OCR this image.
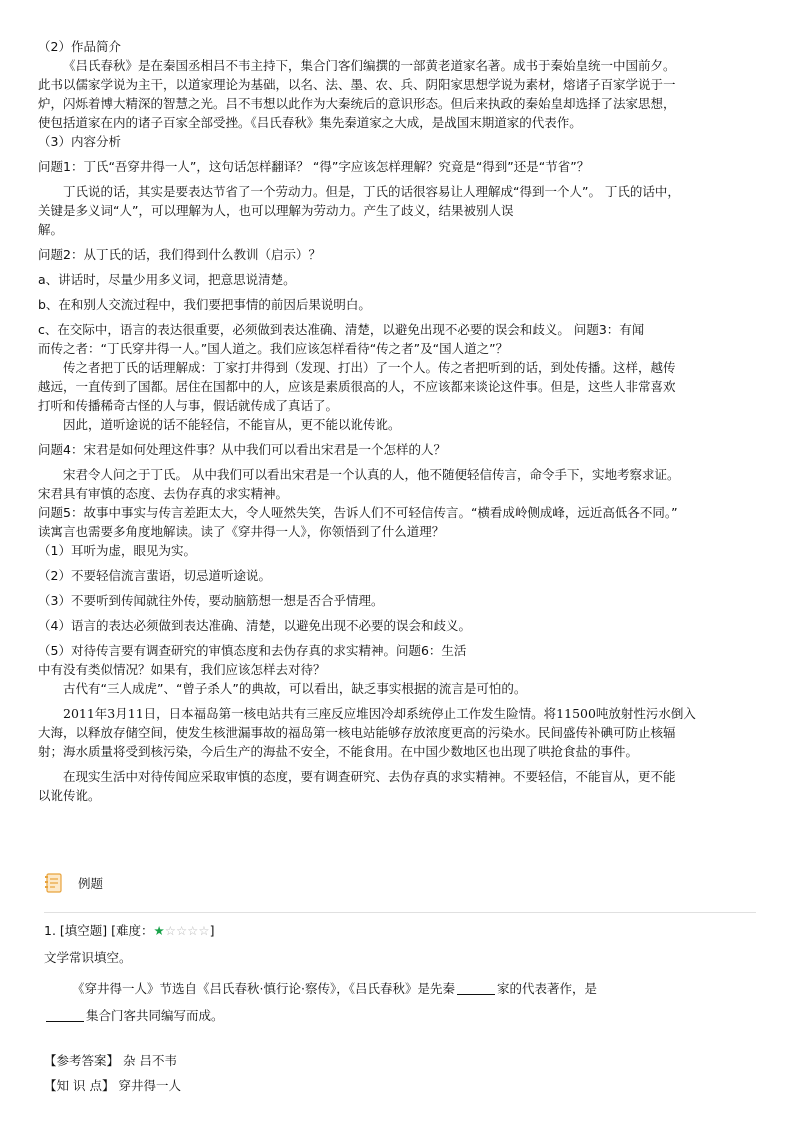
（2）作品简介
《吕氏春秋》是在秦国丞相吕不韦主持下，集合门客们编撰的一部黄老道家名著。成书于秦始皇统一中国前夕。
此书以儒家学说为主干，以道家理论为基础，以名、法、墨、农、兵、阴阳家思想学说为素材，熔诸子百家学说于一
炉，闪烁着博大精深的智慧之光。吕不韦想以此作为大秦统后的意识形态。但后来执政的秦始皇却选择了法家思想，
使包括道家在内的诸子百家全部受挫。《吕氏春秋》集先秦道家之大成，是战国末期道家的代表作。
（3）内容分析
问题1：丁氏“吾穿井得一人”，这句话怎样翻译？ “得”字应该怎样理解？究竟是“得到”还是“节省”？
丁氏说的话，其实是要表达节省了一个劳动力。但是，丁氏的话很容易让人理解成“得到一个人”。 丁氏的话中，
关键是多义词“人”，可以理解为人，也可以理解为劳动力。产生了歧义，结果被别人误
解。
问题2：从丁氏的话，我们得到什么教训（启示）？
a、讲话时，尽量少用多义词，把意思说清楚。
b、在和别人交流过程中，我们要把事情的前因后果说明白。
c、在交际中，语言的表达很重要，必须做到表达准确、清楚，以避免出现不必要的误会和歧义。 问题3：有闻
而传之者：“丁氏穿井得一人。”国人道之。我们应该怎样看待“传之者”及“国人道之”？
传之者把丁氏的话理解成：丁家打井得到（发现、打出）了一个人。传之者把听到的话，到处传播。这样，越传
越远，一直传到了国都。居住在国都中的人，应该是素质很高的人，不应该都来谈论这件事。但是，这些人非常喜欢
打听和传播稀奇古怪的人与事，假话就传成了真话了。
因此，道听途说的话不能轻信，不能盲从，更不能以讹传讹。
问题4：宋君是如何处理这件事？从中我们可以看出宋君是一个怎样的人？
宋君令人问之于丁氏。 从中我们可以看出宋君是一个认真的人，他不随便轻信传言，命令手下，实地考察求证。
宋君具有审慎的态度、去伪存真的求实精神。
问题5：故事中事实与传言差距太大，令人哑然失笑，告诉人们不可轻信传言。“横看成岭侧成峰，远近高低各不同。”
读寓言也需要多角度地解读。读了《穿井得一人》，你领悟到了什么道理？
（1）耳听为虚，眼见为实。
（2）不要轻信流言蜚语，切忌道听途说。
（3）不要听到传闻就往外传，要动脑筋想一想是否合乎情理。
（4）语言的表达必须做到表达准确、清楚，以避免出现不必要的误会和歧义。
（5）对待传言要有调查研究的审慎态度和去伪存真的求实精神。问题6：生活
中有没有类似情况？如果有，我们应该怎样去对待？
古代有“三人成虎”、“曾子杀人”的典故，可以看出，缺乏事实根据的流言是可怕的。
2011年3月11日，日本福岛第一核电站共有三座反应堆因冷却系统停止工作发生险情。将11500吨放射性污水倒入
大海，以释放存储空间，使发生核泄漏事故的福岛第一核电站能够存放浓度更高的污染水。民间盛传补碘可防止核辐
射；海水质量将受到核污染，今后生产的海盐不安全，不能食用。在中国少数地区也出现了哄抢食盐的事件。
在现实生活中对待传闻应采取审慎的态度，要有调查研究、去伪存真的求实精神。不要轻信，不能盲从，更不能
以讹传讹。
例题
1. [填空题] [难度：★☆☆☆☆]
文学常识填空。
《穿井得一人》节选自《吕氏春秋·慎行论·察传》，《吕氏春秋》是先秦	家的代表著作，是
集合门客共同编写而成。
【参考答案】 杂 吕不韦
【知 识 点】 穿井得一人
